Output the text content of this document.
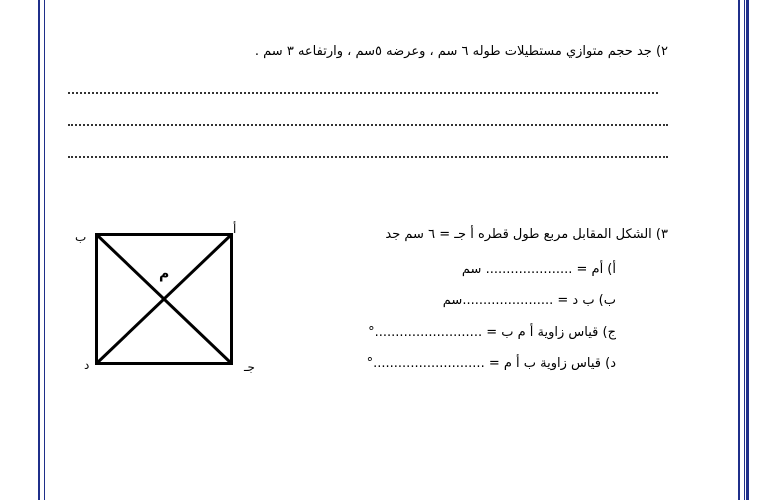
٢) جد حجم متوازي مستطيلات طوله ٦ سم ، وعرضه ٥سم ، وارتفاعه ٣ سم .
٣) الشكل المقابل مربع طول قطره أ جـ = ٦ سم جد
أ) أم = ..................... سم
ب) ب د = ......................سم
ج) قياس زاوية أ م ب = ..........................°
د) قياس زاوية ب أ م = ...........................°
أ
ب
جـ
د
م
